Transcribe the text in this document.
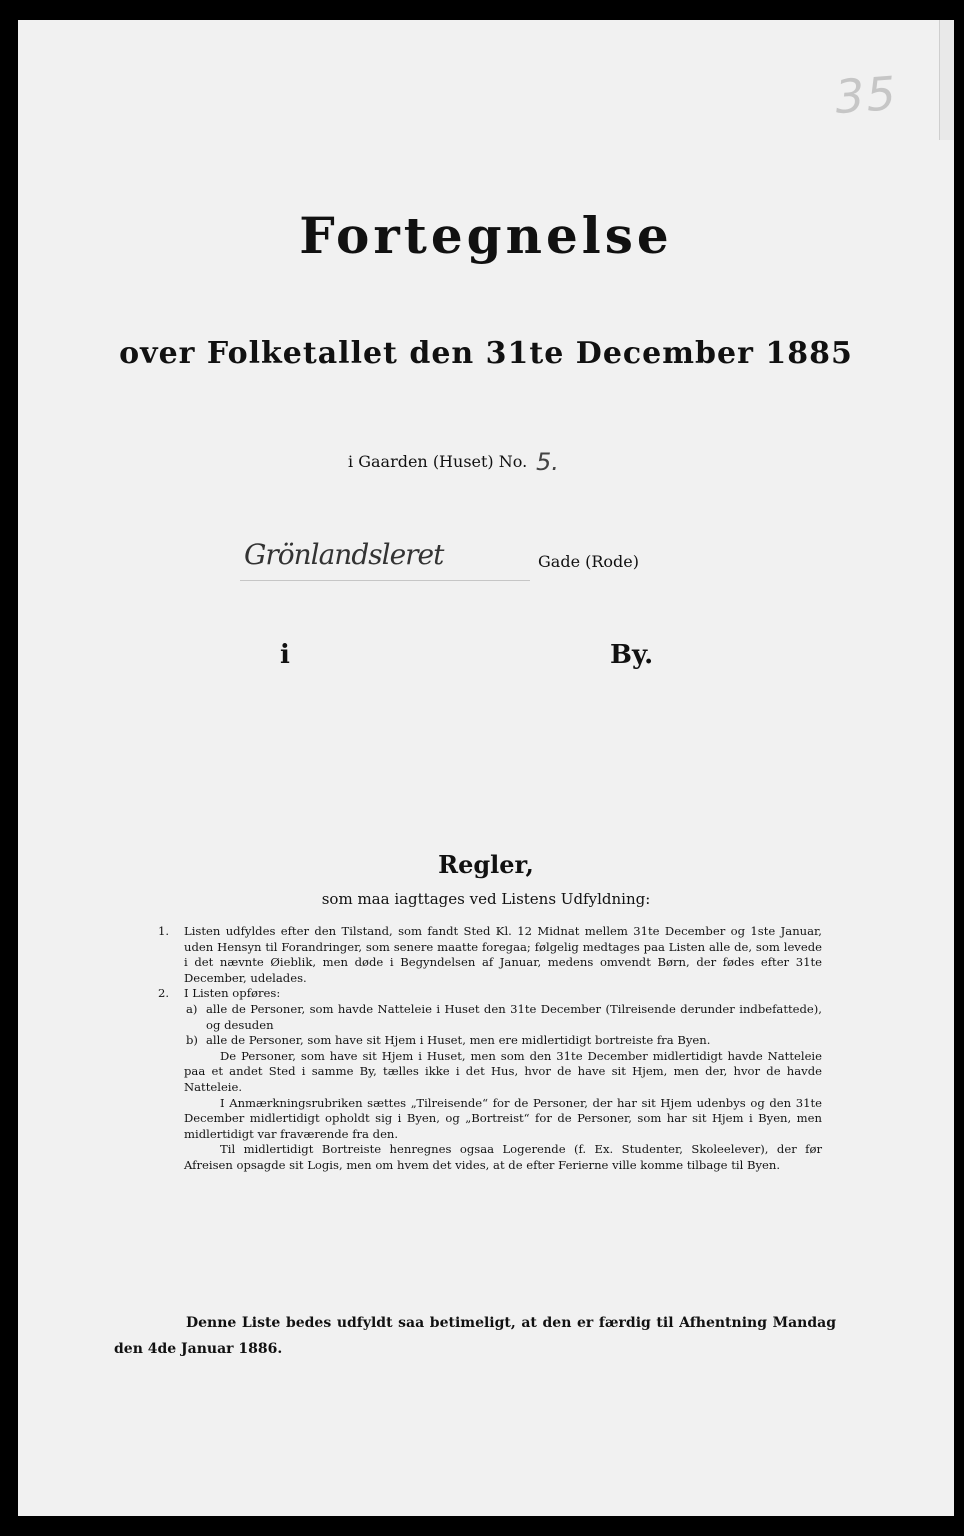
35
Fortegnelse
over Folketallet den 31te December 1885
i Gaarden (Huset) No. 5.
Grönlandsleret	Gade (Rode)
i	By.
Regler,
som maa iagttages ved Listens Udfyldning:
1. Listen udfyldes efter den Tilstand, som fandt Sted Kl. 12 Midnat mellem 31te December og 1ste Januar, uden Hensyn til Forandringer, som senere maatte foregaa; følgelig medtages paa Listen alle de, som levede i det nævnte Øieblik, men døde i Begyndelsen af Januar, medens omvendt Børn, der fødes efter 31te December, udelades.
2. I Listen opføres:
a) alle de Personer, som havde Natteleie i Huset den 31te December (Tilreisende derunder indbefattede), og desuden
b) alle de Personer, som have sit Hjem i Huset, men ere midlertidigt bortreiste fra Byen.
De Personer, som have sit Hjem i Huset, men som den 31te December midlertidigt havde Natteleie paa et andet Sted i samme By, tælles ikke i det Hus, hvor de have sit Hjem, men der, hvor de havde Natteleie.
I Anmærkningsrubriken sættes „Tilreisende“ for de Personer, der har sit Hjem udenbys og den 31te December midlertidigt opholdt sig i Byen, og „Bortreist“ for de Personer, som har sit Hjem i Byen, men midlertidigt var fraværende fra den.
Til midlertidigt Bortreiste henregnes ogsaa Logerende (f. Ex. Studenter, Skoleelever), der før Afreisen opsagde sit Logis, men om hvem det vides, at de efter Ferierne ville komme tilbage til Byen.
Denne Liste bedes udfyldt saa betimeligt, at den er færdig til Afhentning Mandag den 4de Januar 1886.
